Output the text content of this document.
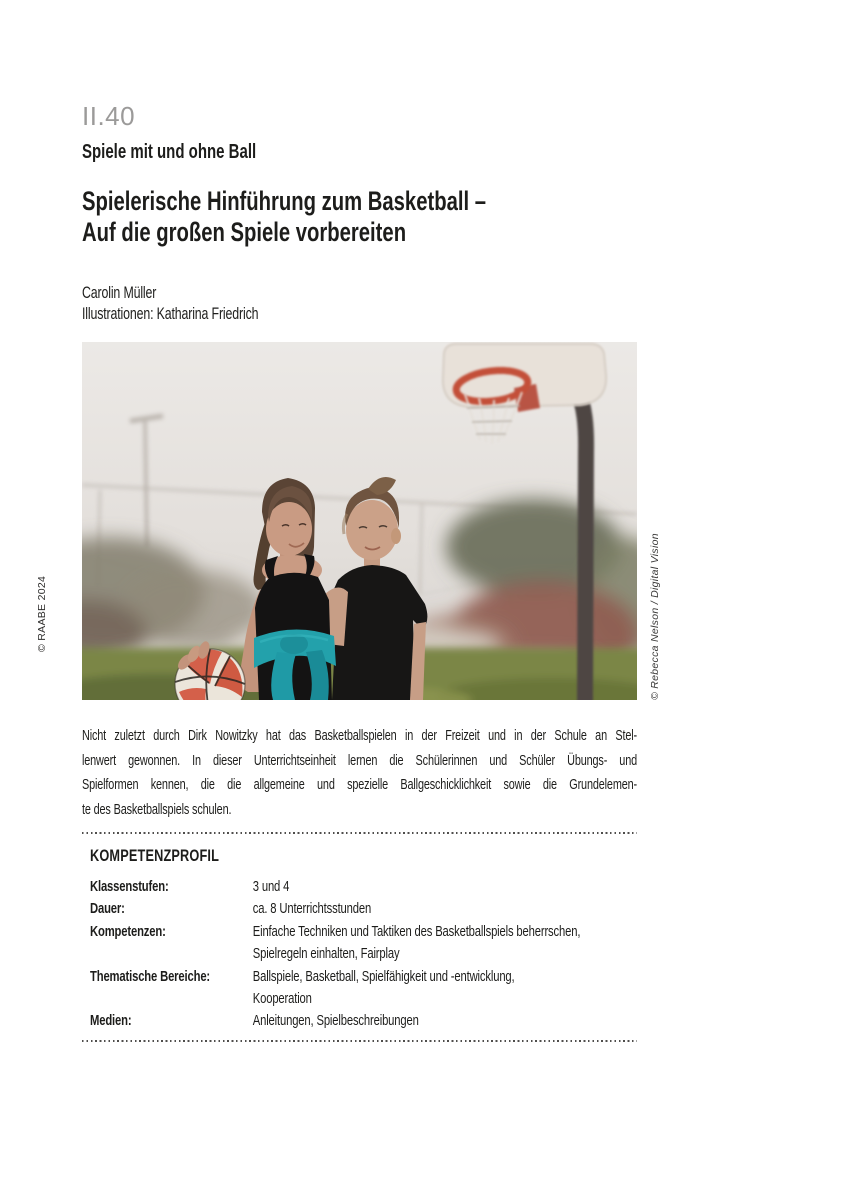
II.40
Spiele mit und ohne Ball
Spielerische Hinführung zum Basketball –
Auf die großen Spiele vorbereiten
Carolin Müller
Illustrationen: Katharina Friedrich
© RAABE 2024	© Rebecca Nelson / Digital Vision
Nicht zuletzt durch Dirk Nowitzky hat das Basketballspielen in der Freizeit und in der Schule an Stel-
lenwert gewonnen. In dieser Unterrichtseinheit lernen die Schülerinnen und Schüler Übungs- und
Spielformen kennen, die die allgemeine und spezielle Ballgeschicklichkeit sowie die Grundelemen-
te des Basketballspiels schulen.
KOMPETENZPROFIL
Klassenstufen:	3 und 4
Dauer:	ca. 8 Unterrichtsstunden
Kompetenzen:	Einfache Techniken und Taktiken des Basketballspiels beherrschen,
Spielregeln einhalten, Fairplay
Thematische Bereiche:	Ballspiele, Basketball, Spielfähigkeit und -entwicklung,
Kooperation
Medien:	Anleitungen, Spielbeschreibungen
